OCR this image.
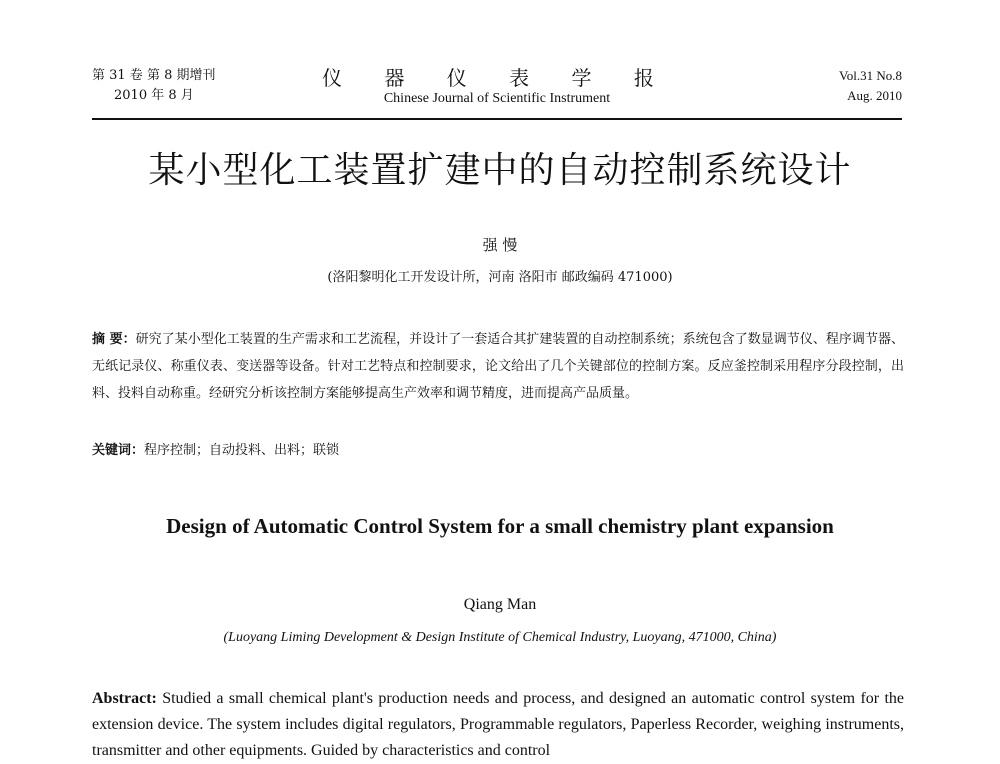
第 31 卷 第 8 期增刊
2010 年 8 月
仪 器 仪 表 学 报
Chinese Journal of Scientific Instrument
Vol.31 No.8
Aug. 2010
某小型化工装置扩建中的自动控制系统设计
强 慢
(洛阳黎明化工开发设计所，河南 洛阳市 邮政编码 471000)
摘 要：研究了某小型化工装置的生产需求和工艺流程，并设计了一套适合其扩建装置的自动控制系统；系统包含了数显调节仪、程序调节器、无纸记录仪、称重仪表、变送器等设备。针对工艺特点和控制要求，论文给出了几个关键部位的控制方案。反应釜控制采用程序分段控制，出料、投料自动称重。经研究分析该控制方案能够提高生产效率和调节精度，进而提高产品质量。
关键词：程序控制；自动投料、出料；联锁
Design of Automatic Control System for a small chemistry plant expansion
Qiang Man
(Luoyang Liming Development & Design Institute of Chemical Industry, Luoyang, 471000, China)
Abstract: Studied a small chemical plant's production needs and process, and designed an automatic control system for the extension device. The system includes digital regulators, Programmable regulators, Paperless Recorder, weighing instruments, transmitter and other equipments. Guided by characteristics and control
